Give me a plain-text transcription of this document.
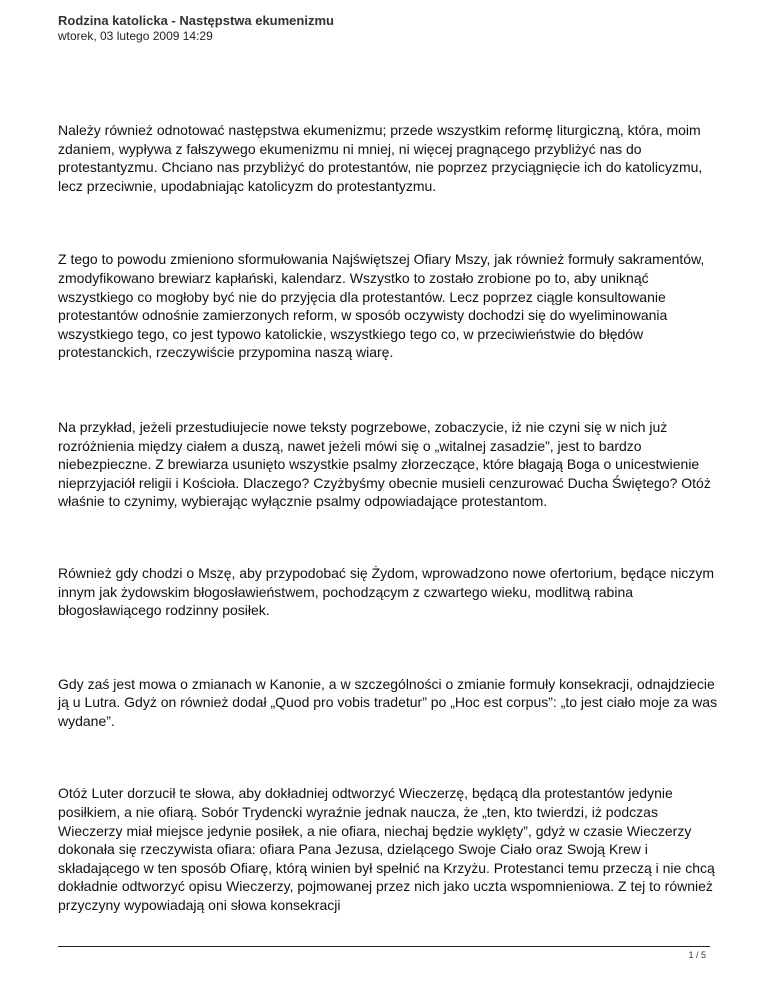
Rodzina katolicka - Następstwa ekumenizmu

wtorek, 03 lutego 2009 14:29

Należy również odnotować następstwa ekumenizmu; przede wszystkim reformę liturgiczną, która, moim zdaniem, wypływa z fałszywego ekumenizmu ni mniej, ni więcej pragnącego przybliżyć nas do protestantyzmu. Chciano nas przybliżyć do protestantów, nie poprzez przyciągnięcie ich do katolicyzmu, lecz przeciwnie, upodabniając katolicyzm do protestantyzmu.

Z tego to powodu zmieniono sformułowania Najświętszej Ofiary Mszy, jak również formuły sakramentów, zmodyfikowano brewiarz kapłański, kalendarz. Wszystko to zostało zrobione po to, aby uniknąć wszystkiego co mogłoby być nie do przyjęcia dla protestantów. Lecz poprzez ciągle konsultowanie protestantów odnośnie zamierzonych reform, w sposób oczywisty dochodzi się do wyeliminowania wszystkiego tego, co jest typowo katolickie, wszystkiego tego co, w przeciwieństwie do błędów protestanckich, rzeczywiście przypomina naszą wiarę.

Na przykład, jeżeli przestudiujecie nowe teksty pogrzebowe, zobaczycie, iż nie czyni się w nich już rozróżnienia między ciałem a duszą, nawet jeżeli mówi się o „witalnej zasadzie”, jest to bardzo niebezpieczne. Z brewiarza usunięto wszystkie psalmy złorzeczące, które błagają Boga o unicestwienie nieprzyjaciół religii i Kościoła. Dlaczego? Czyżbyśmy obecnie musieli cenzurować Ducha Świętego? Otóż właśnie to czynimy, wybierając wyłącznie psalmy odpowiadające protestantom.

Również gdy chodzi o Mszę, aby przypodobać się Żydom, wprowadzono nowe ofertorium, będące niczym innym jak żydowskim błogosławieństwem, pochodzącym z czwartego wieku, modlitwą rabina błogosławiącego rodzinny posiłek.

Gdy zaś jest mowa o zmianach w Kanonie, a w szczególności o zmianie formuły konsekracji, odnajdziecie ją u Lutra. Gdyż on również dodał „Quod pro vobis tradetur” po „Hoc est corpus”: „to jest ciało moje za was wydane”.

Otóż Luter dorzucił te słowa, aby dokładniej odtworzyć Wieczerzę, będącą dla protestantów jedynie posiłkiem, a nie ofiarą. Sobór Trydencki wyraźnie jednak naucza, że „ten, kto twierdzi, iż podczas Wieczerzy miał miejsce jedynie posiłek, a nie ofiara, niechaj będzie wyklęty”, gdyż w czasie Wieczerzy dokonała się rzeczywista ofiara: ofiara Pana Jezusa, dzielącego Swoje Ciało oraz Swoją Krew i składającego w ten sposób Ofiarę, którą winien był spełnić na Krzyżu. Protestanci temu przeczą i nie chcą dokładnie odtworzyć opisu Wieczerzy, pojmowanej przez nich jako uczta wspomnieniowa. Z tej to również przyczyny wypowiadają oni słowa konsekracji

1 / 5
